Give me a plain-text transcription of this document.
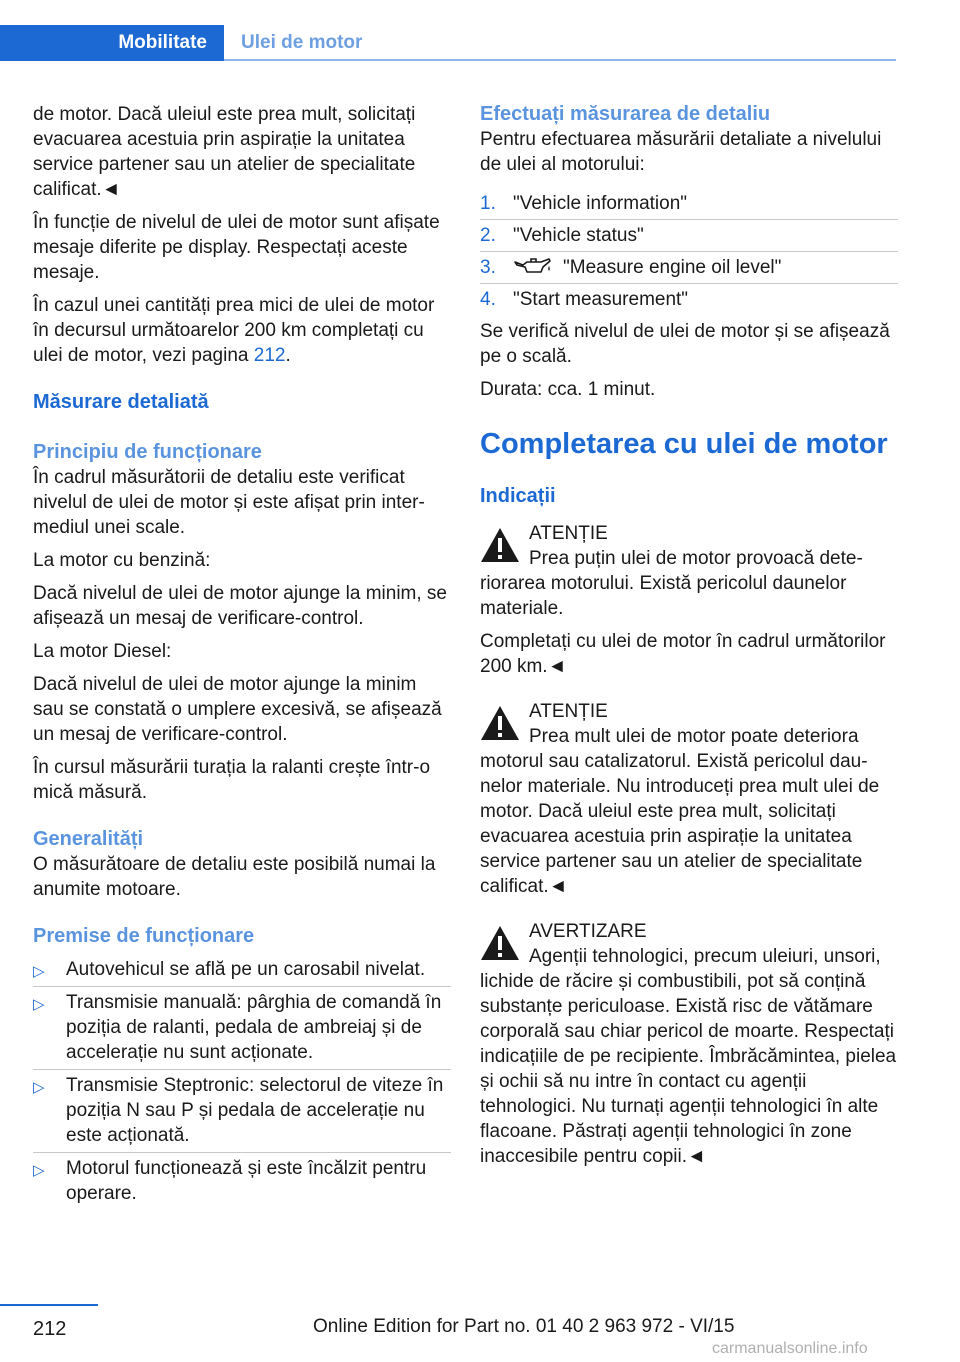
Mobilitate Ulei de motor

de motor. Dacă uleiul este prea mult, solicitați evacuarea acestuia prin aspirație la unitatea service partener sau un atelier de specialitate calificat.◄

În funcție de nivelul de ulei de motor sunt afișate mesaje diferite pe display. Respectați aceste mesaje.

În cazul unei cantități prea mici de ulei de motor în decursul următoarelor 200 km completați cu ulei de motor, vezi pagina 212.

Măsurare detaliată
Principiu de funcționare

În cadrul măsurătorii de detaliu este verificat nivelul de ulei de motor și este afișat prin intermediul unei scale.

La motor cu benzină:

Dacă nivelul de ulei de motor ajunge la minim, se afișează un mesaj de verificare-control.

La motor Diesel:

Dacă nivelul de ulei de motor ajunge la minim sau se constată o umplere excesivă, se afișează un mesaj de verificare-control.

În cursul măsurării turația la ralanti crește într-o mică măsură.

Generalități

O măsurătoare de detaliu este posibilă numai la anumite motoare.

Premise de funcționare
▷ Autovehicul se află pe un carosabil nivelat.
▷ Transmisie manuală: pârghia de comandă în poziția de ralanti, pedala de ambreiaj și de accelerație nu sunt acționate.
▷ Transmisie Steptronic: selectorul de viteze în poziția N sau P și pedala de accelerație nu este acționată.
▷ Motorul funcționează și este încălzit pentru operare.
Efectuați măsurarea de detaliu

Pentru efectuarea măsurării detaliate a nivelului de ulei al motorului:

1. "Vehicle information"
2. "Vehicle status"
3.	"Measure engine oil level"
4. "Start measurement"

Se verifică nivelul de ulei de motor și se afișează pe o scală.

Durata: cca. 1 minut.

Completarea cu ulei de motor
Indicații
ATENȚIE
Prea puțin ulei de motor provoacă deteriorarea motorului. Există pericolul daunelor materiale.

Completați cu ulei de motor în cadrul următorilor 200 km.◄

ATENȚIE
Prea mult ulei de motor poate deteriora motorul sau catalizatorul. Există pericolul daunelor materiale. Nu introduceți prea mult ulei de motor. Dacă uleiul este prea mult, solicitați evacuarea acestuia prin aspirație la unitatea service partener sau un atelier de specialitate calificat.◄
AVERTIZARE
Agenții tehnologici, precum uleiuri, unsori, lichide de răcire și combustibili, pot să conțină substanțe periculoase. Există risc de vătămare corporală sau chiar pericol de moarte. Respectați indicațiile de pe recipiente. Îmbrăcămintea, pielea și ochii să nu intre în contact cu agenții tehnologici. Nu turnați agenții tehnologici în alte flacoane. Păstrați agenții tehnologici în zone inaccesibile pentru copii.◄
212	Online Edition for Part no. 01 40 2 963 972 - VI/15
carmanualsonline.info
